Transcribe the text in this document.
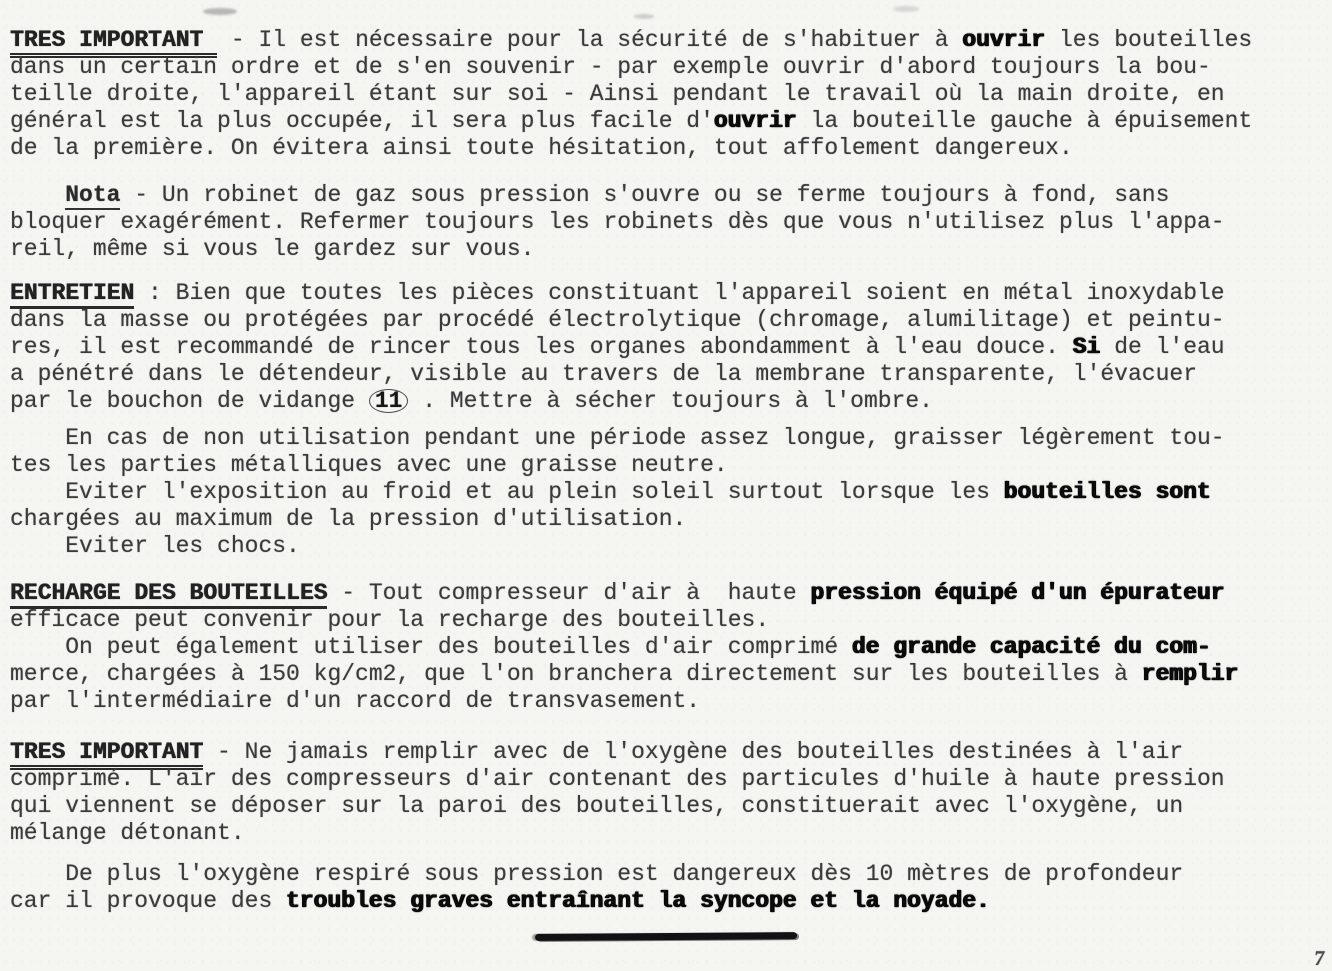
TRES IMPORTANT  - Il est nécessaire pour la sécurité de s'habituer à ouvrir les bouteilles
dans un certain ordre et de s'en souvenir - par exemple ouvrir d'abord toujours la bou-
teille droite, l'appareil étant sur soi - Ainsi pendant le travail où la main droite, en
général est la plus occupée, il sera plus facile d'ouvrir la bouteille gauche à épuisement
de la première. On évitera ainsi toute hésitation, tout affolement dangereux.

Nota - Un robinet de gaz sous pression s'ouvre ou se ferme toujours à fond, sans
bloquer exagérément. Refermer toujours les robinets dès que vous n'utilisez plus l'appa-
reil, même si vous le gardez sur vous.

ENTRETIEN : Bien que toutes les pièces constituant l'appareil soient en métal inoxydable
dans la masse ou protégées par procédé électrolytique (chromage, alumilitage) et peintu-
res, il est recommandé de rincer tous les organes abondamment à l'eau douce. Si de l'eau
a pénétré dans le détendeur, visible au travers de la membrane transparente, l'évacuer
par le bouchon de vidange 11 . Mettre à sécher toujours à l'ombre.

En cas de non utilisation pendant une période assez longue, graisser légèrement tou-
tes les parties métalliques avec une graisse neutre.

Eviter l'exposition au froid et au plein soleil surtout lorsque les bouteilles sont
chargées au maximum de la pression d'utilisation.

Eviter les chocs.

RECHARGE DES BOUTEILLES - Tout compresseur d'air à  haute pression équipé d'un épurateur
efficace peut convenir pour la recharge des bouteilles.
On peut également utiliser des bouteilles d'air comprimé de grande capacité du com-
merce, chargées à 150 kg/cm2, que l'on branchera directement sur les bouteilles à remplir
par l'intermédiaire d'un raccord de transvasement.

TRES IMPORTANT - Ne jamais remplir avec de l'oxygène des bouteilles destinées à l'air
comprimé. L'air des compresseurs d'air contenant des particules d'huile à haute pression
qui viennent se déposer sur la paroi des bouteilles, constituerait avec l'oxygène, un
mélange détonant.

De plus l'oxygène respiré sous pression est dangereux dès 10 mètres de profondeur
car il provoque des troubles graves entraînant la syncope et la noyade.

7
